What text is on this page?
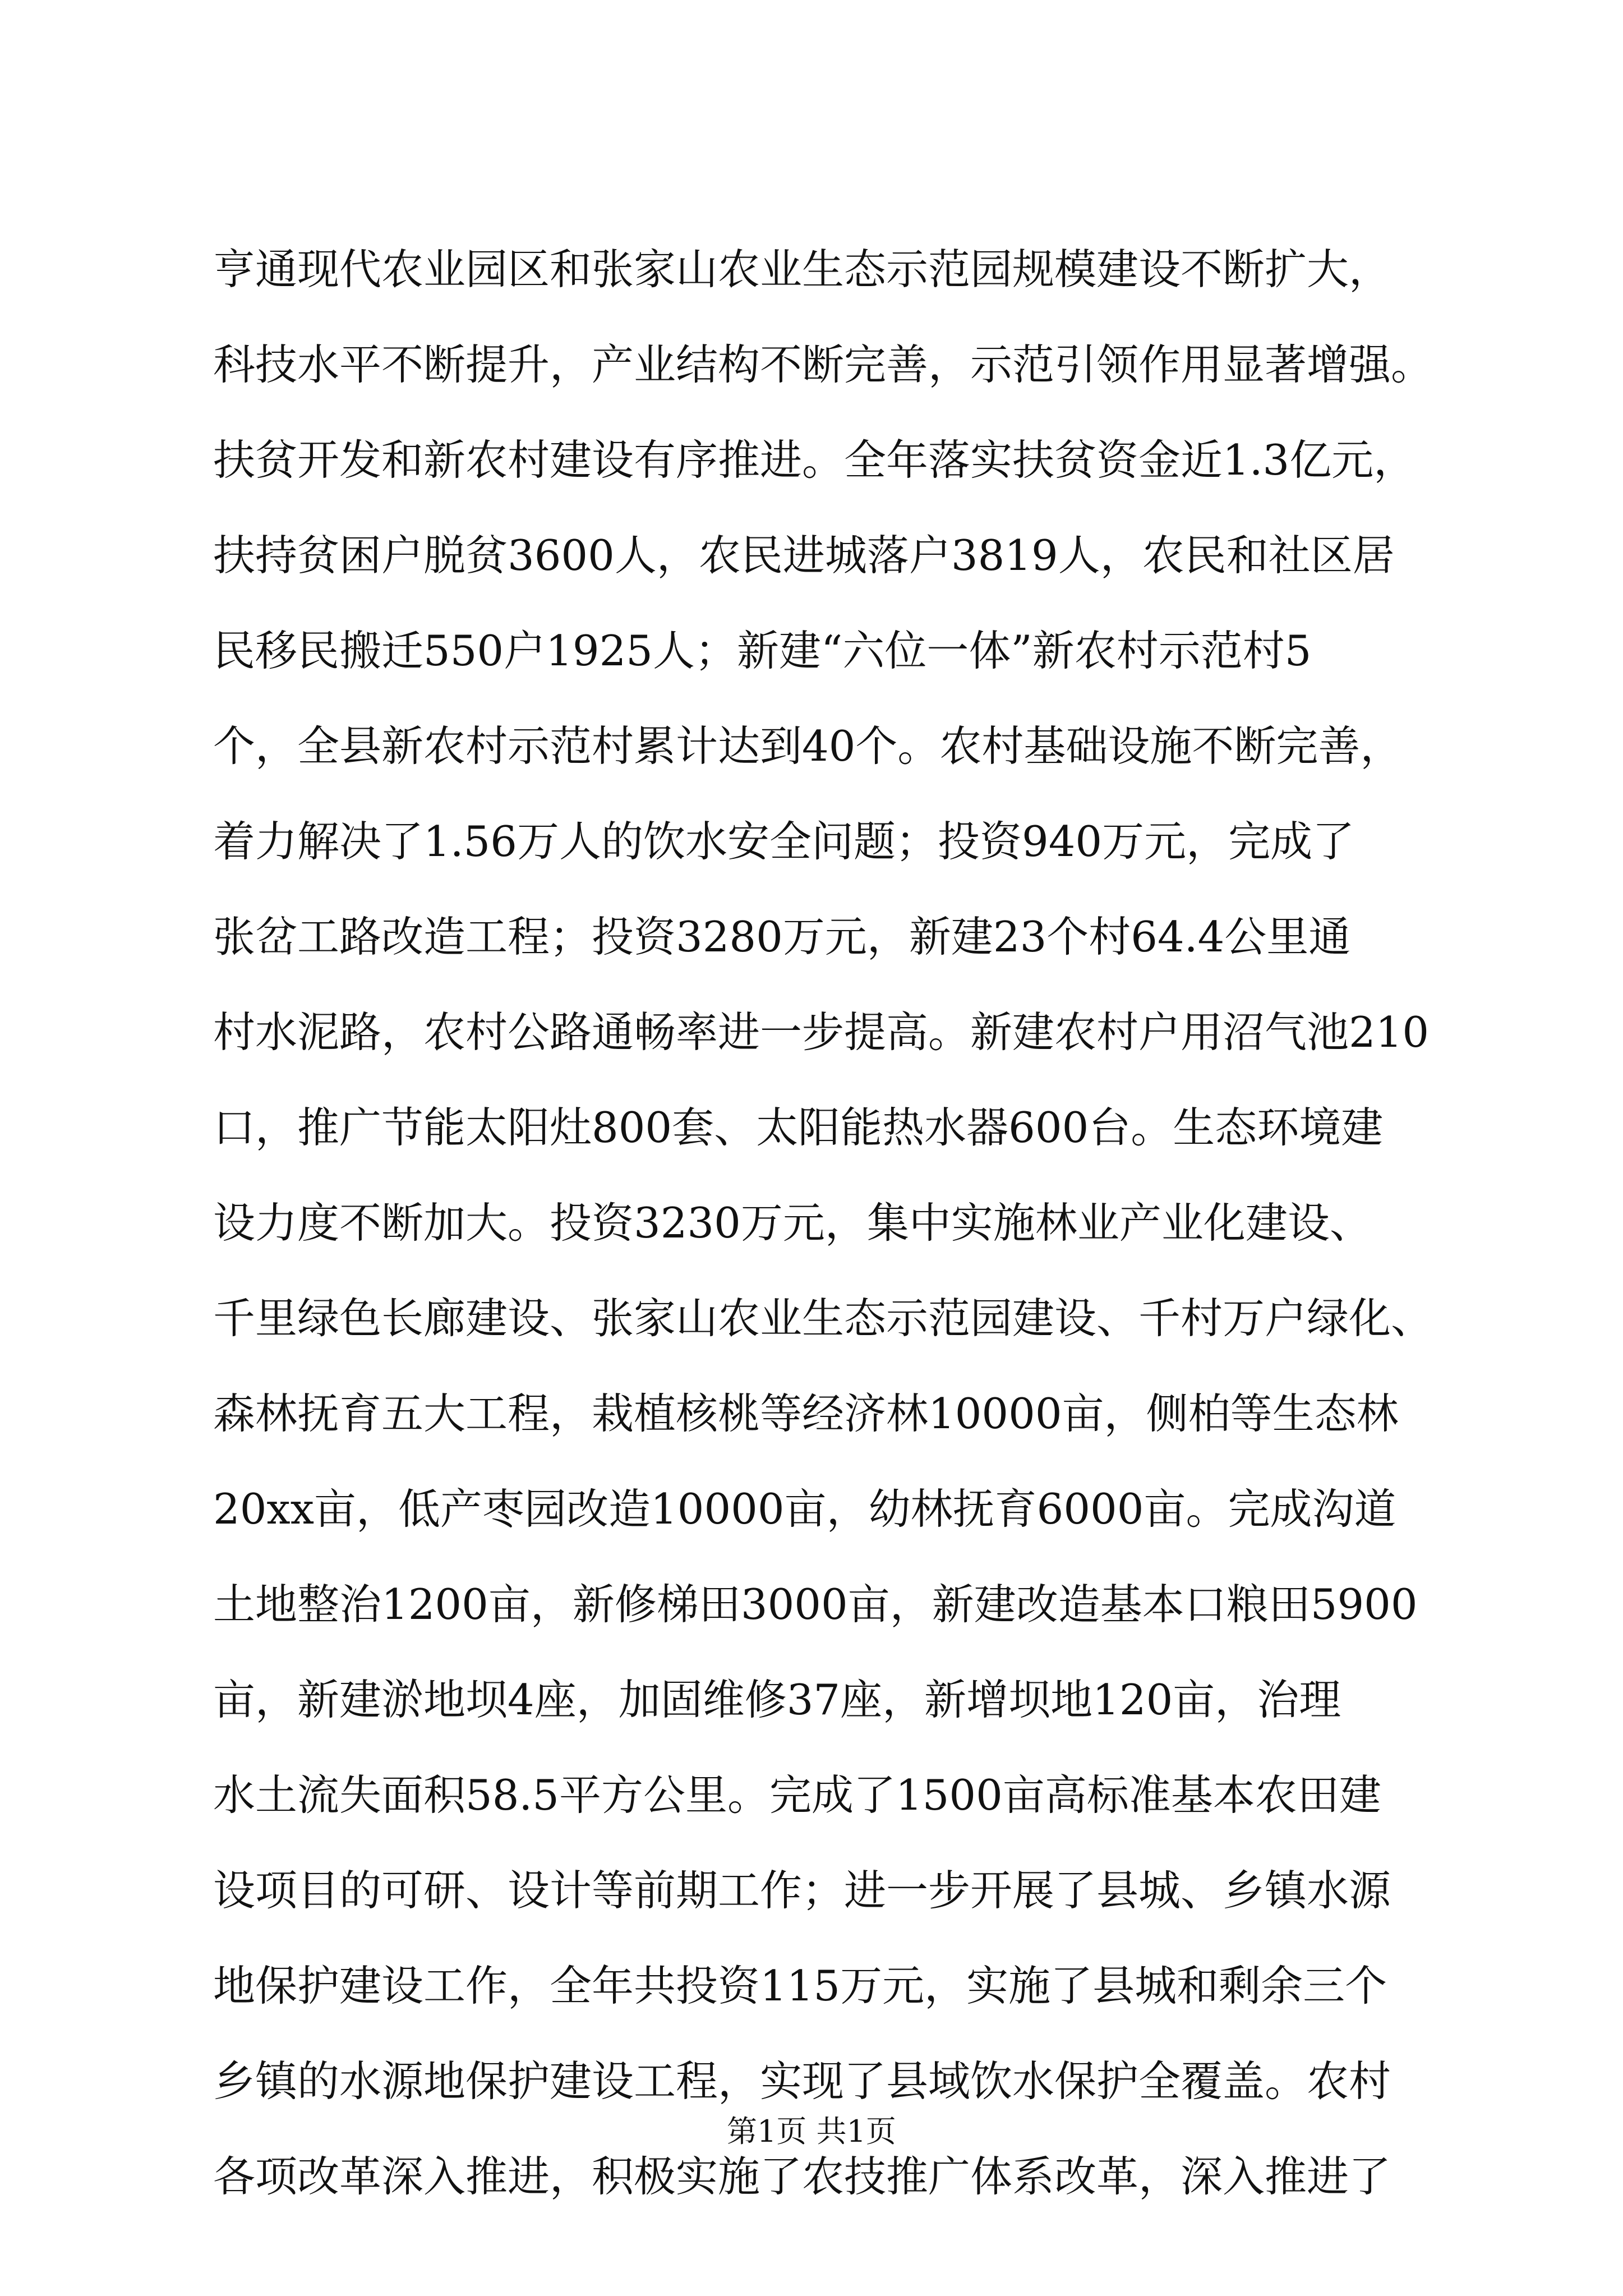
亨通现代农业园区和张家山农业生态示范园规模建设不断扩大，
科技水平不断提升，产业结构不断完善，示范引领作用显著增强。
扶贫开发和新农村建设有序推进。全年落实扶贫资金近1.3亿元，
扶持贫困户脱贫3600人，农民进城落户3819人，农民和社区居
民移民搬迁550户1925人；新建“六位一体”新农村示范村5
个，全县新农村示范村累计达到40个。农村基础设施不断完善，
着力解决了1.56万人的饮水安全问题；投资940万元，完成了
张岔工路改造工程；投资3280万元，新建23个村64.4公里通
村水泥路，农村公路通畅率进一步提高。新建农村户用沼气池210
口，推广节能太阳灶800套、太阳能热水器600台。生态环境建
设力度不断加大。投资3230万元，集中实施林业产业化建设、
千里绿色长廊建设、张家山农业生态示范园建设、千村万户绿化、
森林抚育五大工程，栽植核桃等经济林10000亩，侧柏等生态林
20xx亩，低产枣园改造10000亩，幼林抚育6000亩。完成沟道
土地整治1200亩，新修梯田3000亩，新建改造基本口粮田5900
亩，新建淤地坝4座，加固维修37座，新增坝地120亩，治理
水土流失面积58.5平方公里。完成了1500亩高标准基本农田建
设项目的可研、设计等前期工作；进一步开展了县城、乡镇水源
地保护建设工作，全年共投资115万元，实施了县城和剩余三个
乡镇的水源地保护建设工程，实现了县域饮水保护全覆盖。农村
各项改革深入推进，积极实施了农技推广体系改革，深入推进了
第1页 共1页
